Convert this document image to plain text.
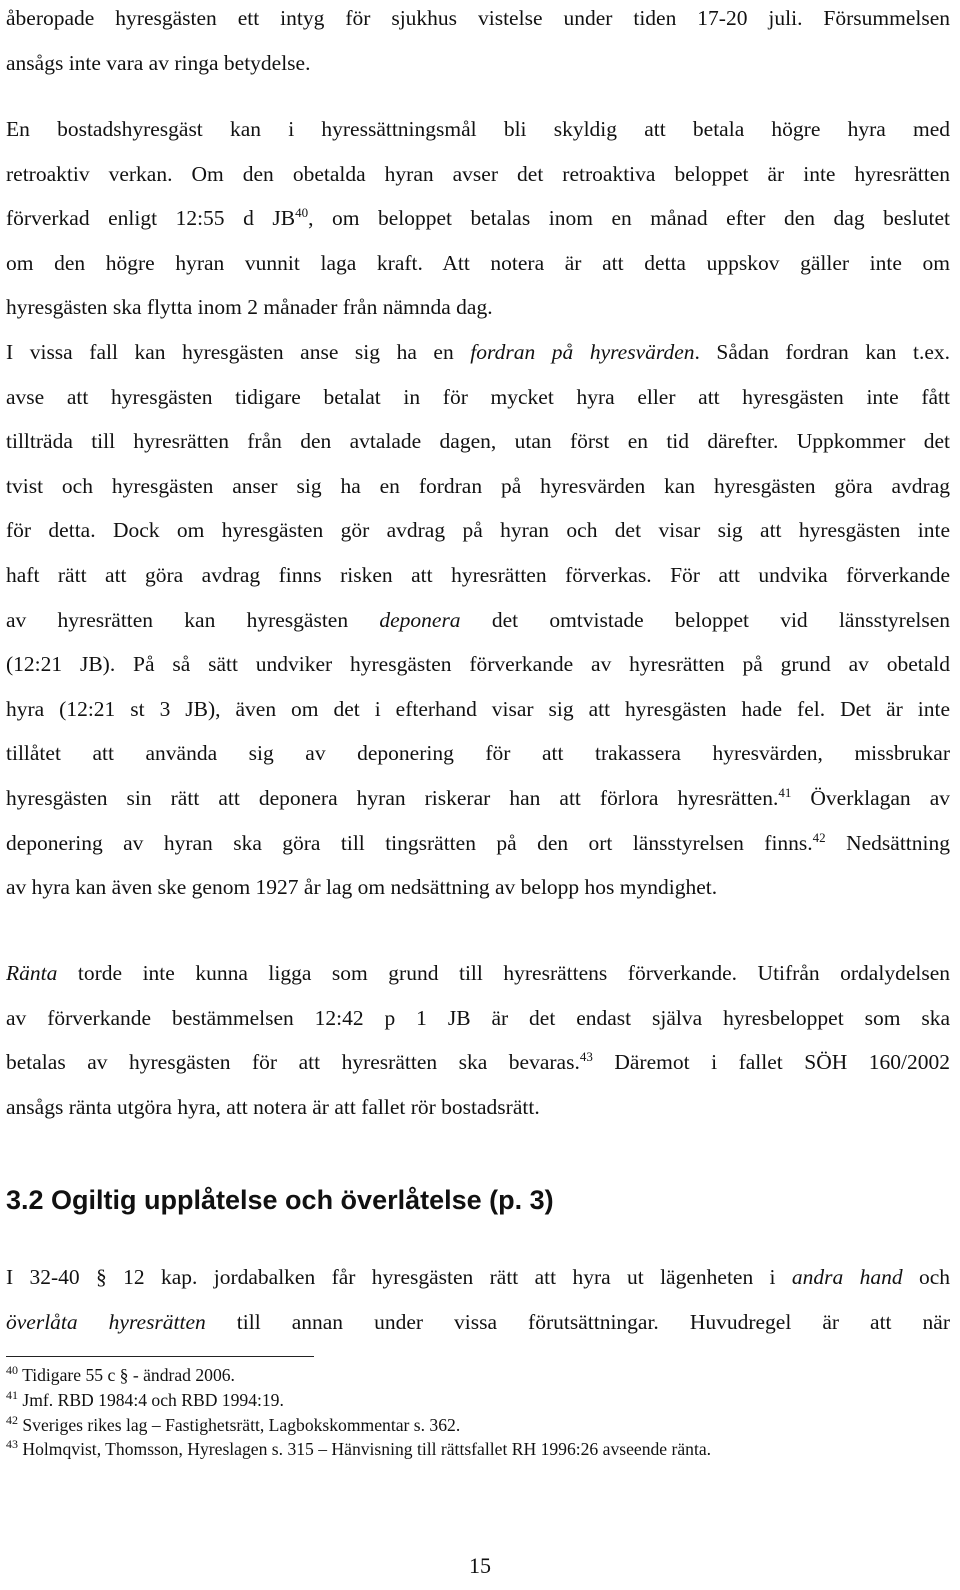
åberopade hyresgästen ett intyg för sjukhus vistelse under tiden 17-20 juli. Försummelsen
ansågs inte vara av ringa betydelse.
En bostadshyresgäst kan i hyressättningsmål bli skyldig att betala högre hyra med
retroaktiv verkan. Om den obetalda hyran avser det retroaktiva beloppet är inte hyresrätten
förverkad enligt 12:55 d JB$^{40}$, om beloppet betalas inom en månad efter den dag beslutet
om den högre hyran vunnit laga kraft. Att notera är att detta uppskov gäller inte om
hyresgästen ska flytta inom 2 månader från nämnda dag.
I vissa fall kan hyresgästen anse sig ha en fordran på hyresvärden. Sådan fordran kan t.ex.
avse att hyresgästen tidigare betalat in för mycket hyra eller att hyresgästen inte fått
tillträda till hyresrätten från den avtalade dagen, utan först en tid därefter. Uppkommer det
tvist och hyresgästen anser sig ha en fordran på hyresvärden kan hyresgästen göra avdrag
för detta. Dock om hyresgästen gör avdrag på hyran och det visar sig att hyresgästen inte
haft rätt att göra avdrag finns risken att hyresrätten förverkas. För att undvika förverkande
av hyresrätten kan hyresgästen deponera det omtvistade beloppet vid länsstyrelsen
(12:21 JB). På så sätt undviker hyresgästen förverkande av hyresrätten på grund av obetald
hyra (12:21 st 3 JB), även om det i efterhand visar sig att hyresgästen hade fel. Det är inte
tillåtet att använda sig av deponering för att trakassera hyresvärden, missbrukar
hyresgästen sin rätt att deponera hyran riskerar han att förlora hyresrätten.$^{41}$ Överklagan av
deponering av hyran ska göra till tingsrätten på den ort länsstyrelsen finns.$^{42}$ Nedsättning
av hyra kan även ske genom 1927 år lag om nedsättning av belopp hos myndighet.
Ränta torde inte kunna ligga som grund till hyresrättens förverkande. Utifrån ordalydelsen
av förverkande bestämmelsen 12:42 p 1 JB är det endast själva hyresbeloppet som ska
betalas av hyresgästen för att hyresrätten ska bevaras.$^{43}$ Däremot i fallet SÖH 160/2002
ansågs ränta utgöra hyra, att notera är att fallet rör bostadsrätt.
3.2 Ogiltig upplåtelse och överlåtelse (p. 3)
I 32-40 § 12 kap. jordabalken får hyresgästen rätt att hyra ut lägenheten i andra hand och
överlåta hyresrätten till annan under vissa förutsättningar. Huvudregel är att när
$^{40}$ Tidigare 55 c § - ändrad 2006.
$^{41}$ Jmf. RBD 1984:4 och RBD 1994:19.
$^{42}$ Sveriges rikes lag – Fastighetsrätt, Lagbokskommentar s. 362.
$^{43}$ Holmqvist, Thomsson, Hyreslagen s. 315 – Hänvisning till rättsfallet RH 1996:26 avseende ränta.
15
